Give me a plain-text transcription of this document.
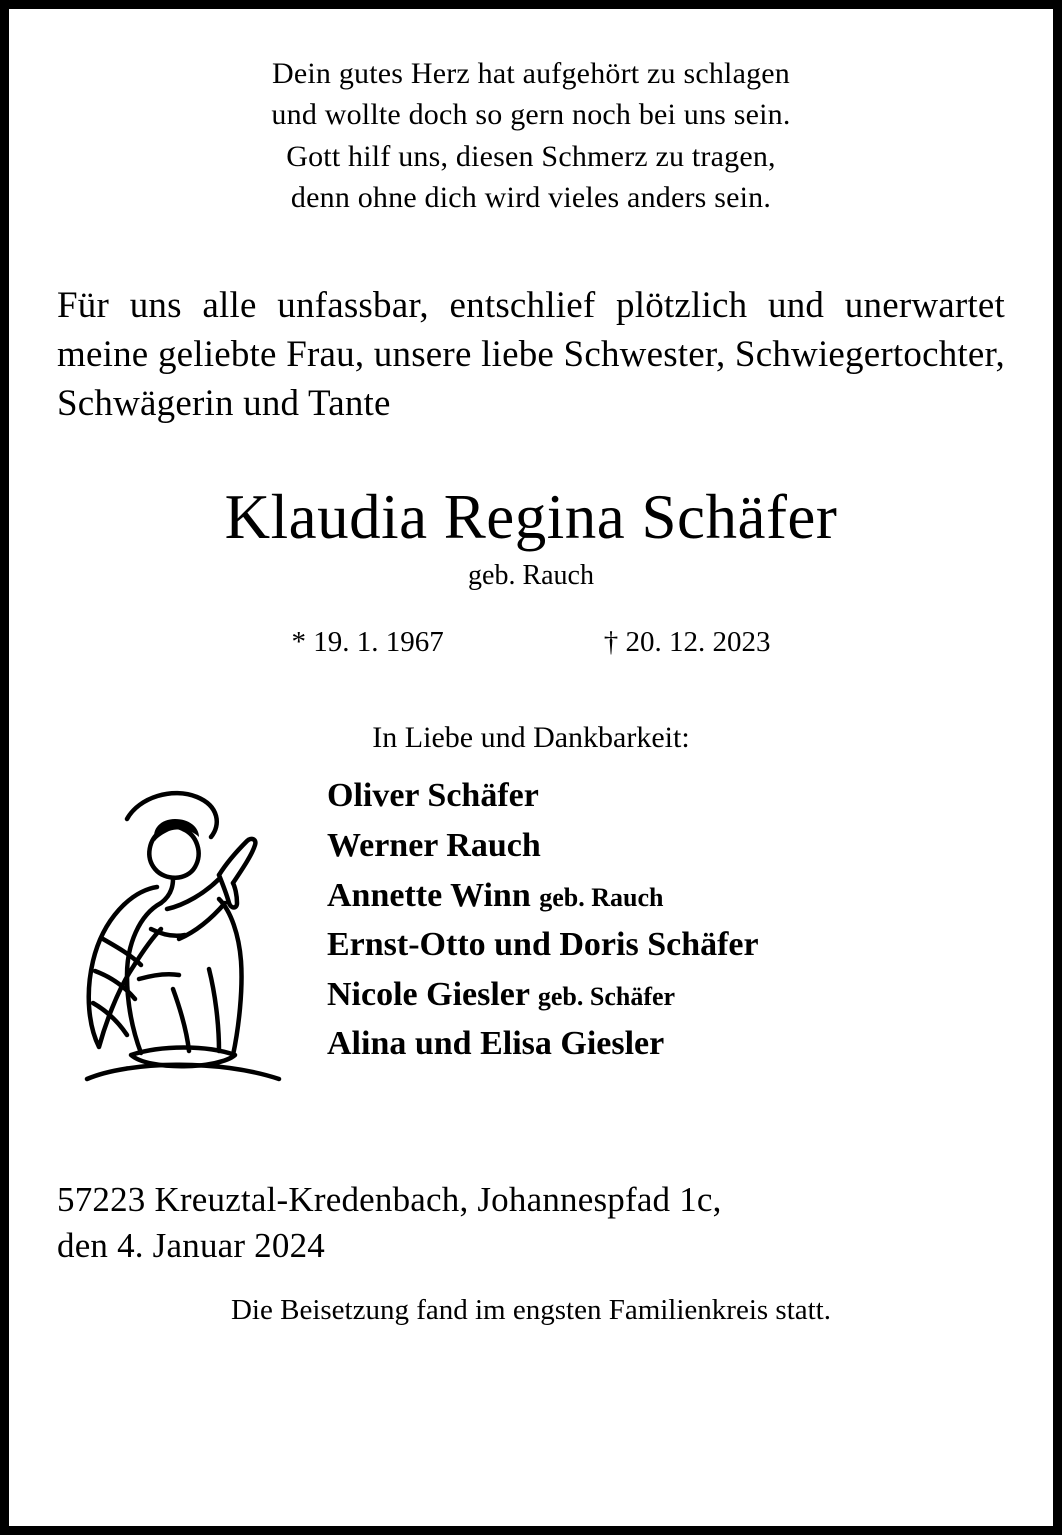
Dein gutes Herz hat aufgehört zu schlagen
und wollte doch so gern noch bei uns sein.
Gott hilf uns, diesen Schmerz zu tragen,
denn ohne dich wird vieles anders sein.
Für uns alle unfassbar, entschlief plötzlich und unerwartet meine geliebte Frau, unsere liebe Schwester, Schwiegertochter, Schwägerin und Tante
Klaudia Regina Schäfer
geb. Rauch
* 19. 1. 1967	† 20. 12. 2023
In Liebe und Dankbarkeit:
Oliver Schäfer
Werner Rauch
Annette Winn geb. Rauch
Ernst-Otto und Doris Schäfer
Nicole Giesler geb. Schäfer
Alina und Elisa Giesler
57223 Kreuztal-Kredenbach, Johannespfad 1c,
den 4. Januar 2024
Die Beisetzung fand im engsten Familienkreis statt.
